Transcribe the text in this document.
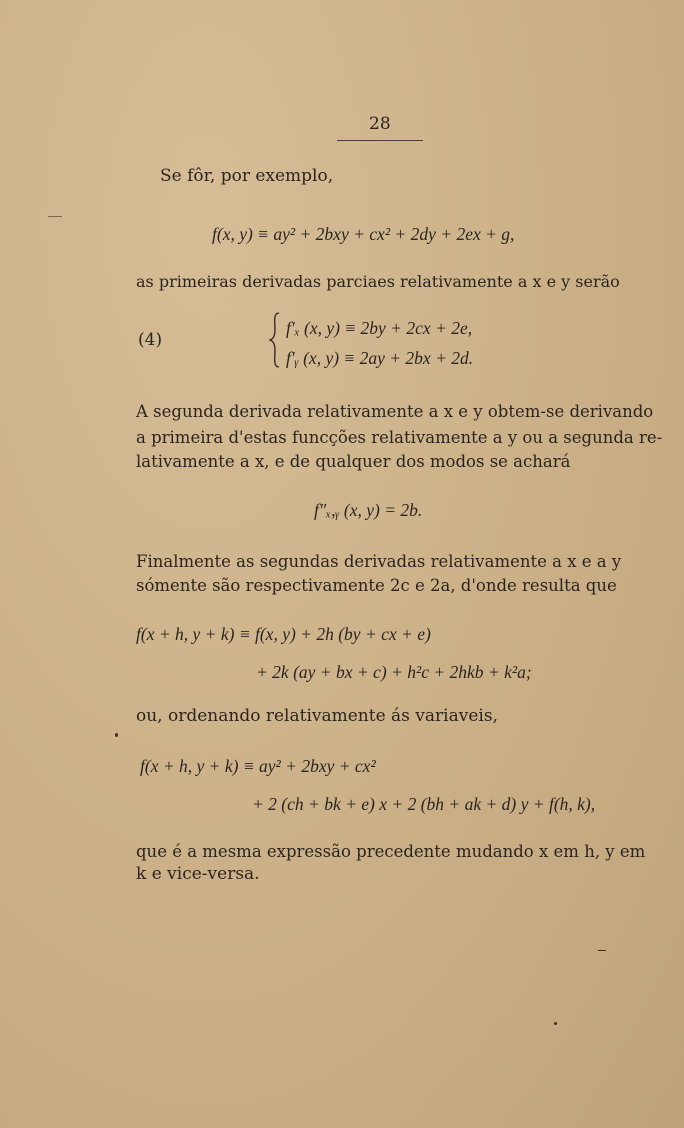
28
Se fôr, por exemplo,
f(x, y) ≡ ay² + 2bxy + cx² + 2dy + 2ex + g,
as primeiras derivadas parciaes relativamente a x e y serão
(4)
f′ₓ (x, y) ≡ 2by + 2cx + 2e,
f′ᵧ (x, y) ≡ 2ay + 2bx + 2d.
A segunda derivada relativamente a x e y obtem-se derivando
a primeira d'estas funcções relativamente a y ou a segunda re-
lativamente a x, e de qualquer dos modos se achará
f″ₓ,ᵧ (x, y) = 2b.
Finalmente as segundas derivadas relativamente a x e a y
sómente são respectivamente 2c e 2a, d'onde resulta que
f(x + h, y + k) ≡ f(x, y) + 2h (by + cx + e)
+ 2k (ay + bx + c) + h²c + 2hkb + k²a;
ou, ordenando relativamente ás variaveis,
f(x + h, y + k) ≡ ay² + 2bxy + cx²
+ 2 (ch + bk + e) x + 2 (bh + ak + d) y + f(h, k),
que é a mesma expressão precedente mudando x em h, y em
k e vice-versa.
